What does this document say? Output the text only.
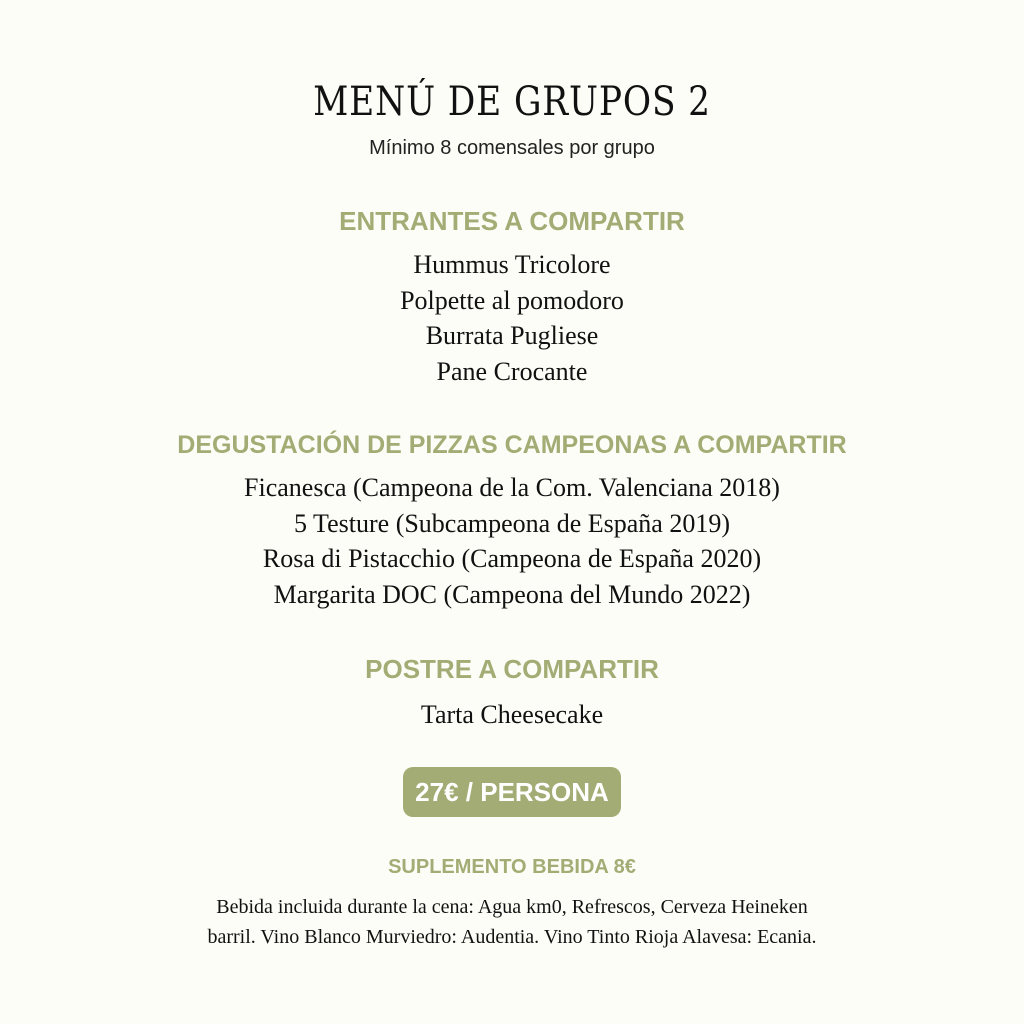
MENÚ DE GRUPOS 2
Mínimo 8 comensales por grupo
ENTRANTES A COMPARTIR
Hummus Tricolore
Polpette al pomodoro
Burrata Pugliese
Pane Crocante
DEGUSTACIÓN DE PIZZAS CAMPEONAS A COMPARTIR
Ficanesca (Campeona de la Com. Valenciana 2018)
5 Testure (Subcampeona de España 2019)
Rosa di Pistacchio (Campeona de España 2020)
Margarita DOC (Campeona del Mundo 2022)
POSTRE A COMPARTIR
Tarta Cheesecake
27€ / PERSONA
SUPLEMENTO BEBIDA 8€
Bebida incluida durante la cena: Agua km0, Refrescos, Cerveza Heineken
barril. Vino Blanco Murviedro: Audentia. Vino Tinto Rioja Alavesa: Ecania.
